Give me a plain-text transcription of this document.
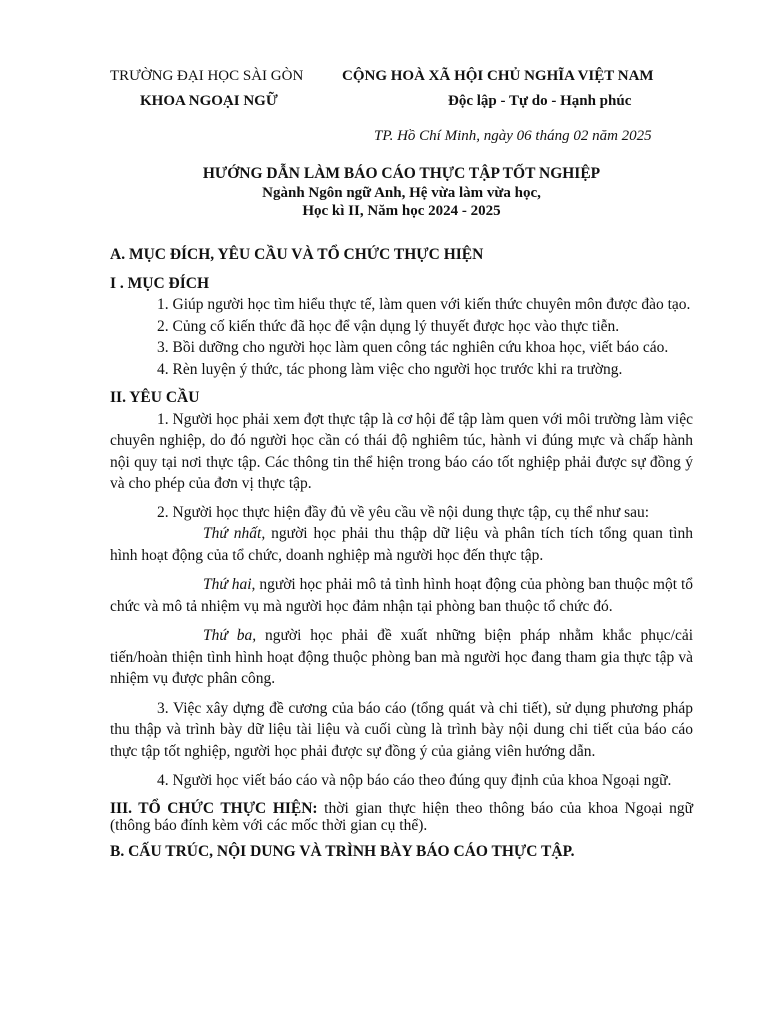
TRƯỜNG ĐẠI HỌC SÀI GÒN
KHOA NGOẠI NGỮ
CỘNG HOÀ XÃ HỘI CHỦ NGHĨA VIỆT NAM
Độc lập - Tự do - Hạnh phúc
TP. Hồ Chí Minh, ngày 06 tháng 02 năm 2025
HƯỚNG DẪN LÀM BÁO CÁO THỰC TẬP TỐT NGHIỆP
Ngành Ngôn ngữ Anh, Hệ vừa làm vừa học,
Học kì II, Năm học 2024 - 2025

A. MỤC ĐÍCH, YÊU CẦU VÀ TỔ CHỨC THỰC HIỆN

I . MỤC ĐÍCH

1. Giúp người học tìm hiểu thực tế, làm quen với kiến thức chuyên môn được đào tạo.

2. Củng cố kiến thức đã học để vận dụng lý thuyết được học vào thực tiễn.

3. Bồi dưỡng cho người học làm quen công tác nghiên cứu khoa học, viết báo cáo.

4. Rèn luyện ý thức, tác phong làm việc cho người học trước khi ra trường.

II. YÊU CẦU

1. Người học phải xem đợt thực tập là cơ hội để tập làm quen với môi trường làm việc chuyên nghiệp, do đó người học cần có thái độ nghiêm túc, hành vi đúng mực và chấp hành nội quy tại nơi thực tập. Các thông tin thể hiện trong báo cáo tốt nghiệp phải được sự đồng ý và cho phép của đơn vị thực tập.

2. Người học thực hiện đầy đủ về yêu cầu về nội dung thực tập, cụ thể như sau:

Thứ nhất, người học phải thu thập dữ liệu và phân tích tích tổng quan tình hình hoạt động của tổ chức, doanh nghiệp mà người học đến thực tập.

Thứ hai, người học phải mô tả tình hình hoạt động của phòng ban thuộc một tổ chức và mô tả nhiệm vụ mà người học đảm nhận tại phòng ban thuộc tổ chức đó.

Thứ ba, người học phải đề xuất những biện pháp nhằm khắc phục/cải tiến/hoàn thiện tình hình hoạt động thuộc phòng ban mà người học đang tham gia thực tập và nhiệm vụ được phân công.

3. Việc xây dựng đề cương của báo cáo (tổng quát và chi tiết), sử dụng phương pháp thu thập và trình bày dữ liệu tài liệu và cuối cùng là trình bày nội dung chi tiết của báo cáo thực tập tốt nghiệp, người học phải được sự đồng ý của giảng viên hướng dẫn.

4. Người học viết báo cáo và nộp báo cáo theo đúng quy định của khoa Ngoại ngữ.

III. TỔ CHỨC THỰC HIỆN: thời gian thực hiện theo thông báo của khoa Ngoại ngữ (thông báo đính kèm với các mốc thời gian cụ thể).

B. CẤU TRÚC, NỘI DUNG VÀ TRÌNH BÀY BÁO CÁO THỰC TẬP.
